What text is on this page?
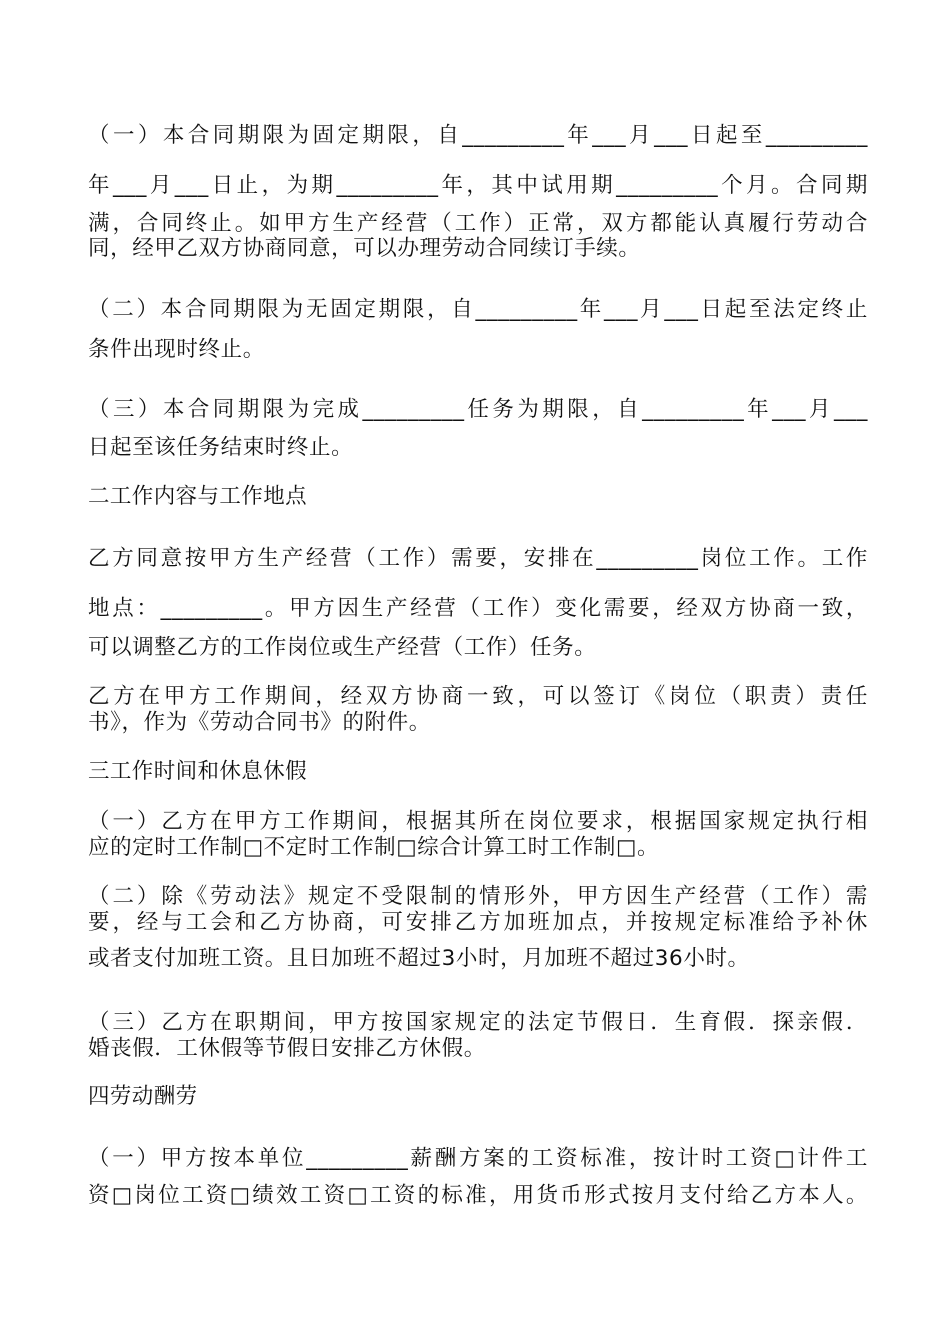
（一）本合同期限为固定期限，自_________年___月___日起至_________
年___月___日止，为期_________年，其中试用期_________个月。合同期
满，合同终止。如甲方生产经营（工作）正常，双方都能认真履行劳动合
同，经甲乙双方协商同意，可以办理劳动合同续订手续。
（二）本合同期限为无固定期限，自_________年___月___日起至法定终止
条件出现时终止。
（三）本合同期限为完成_________任务为期限，自_________年___月___
日起至该任务结束时终止。
二工作内容与工作地点
乙方同意按甲方生产经营（工作）需要，安排在_________岗位工作。工作
地点：_________。甲方因生产经营（工作）变化需要，经双方协商一致，
可以调整乙方的工作岗位或生产经营（工作）任务。
乙方在甲方工作期间，经双方协商一致，可以签订《岗位（职责）责任
书》，作为《劳动合同书》的附件。
三工作时间和休息休假
（一）乙方在甲方工作期间，根据其所在岗位要求，根据国家规定执行相
应的定时工作制□不定时工作制□综合计算工时工作制□。
（二）除《劳动法》规定不受限制的情形外，甲方因生产经营（工作）需
要，经与工会和乙方协商，可安排乙方加班加点，并按规定标准给予补休
或者支付加班工资。且日加班不超过3小时，月加班不超过36小时。
（三）乙方在职期间，甲方按国家规定的法定节假日．生育假．探亲假．
婚丧假．工休假等节假日安排乙方休假。
四劳动酬劳
（一）甲方按本单位_________薪酬方案的工资标准，按计时工资□计件工
资□岗位工资□绩效工资□工资的标准，用货币形式按月支付给乙方本人。
